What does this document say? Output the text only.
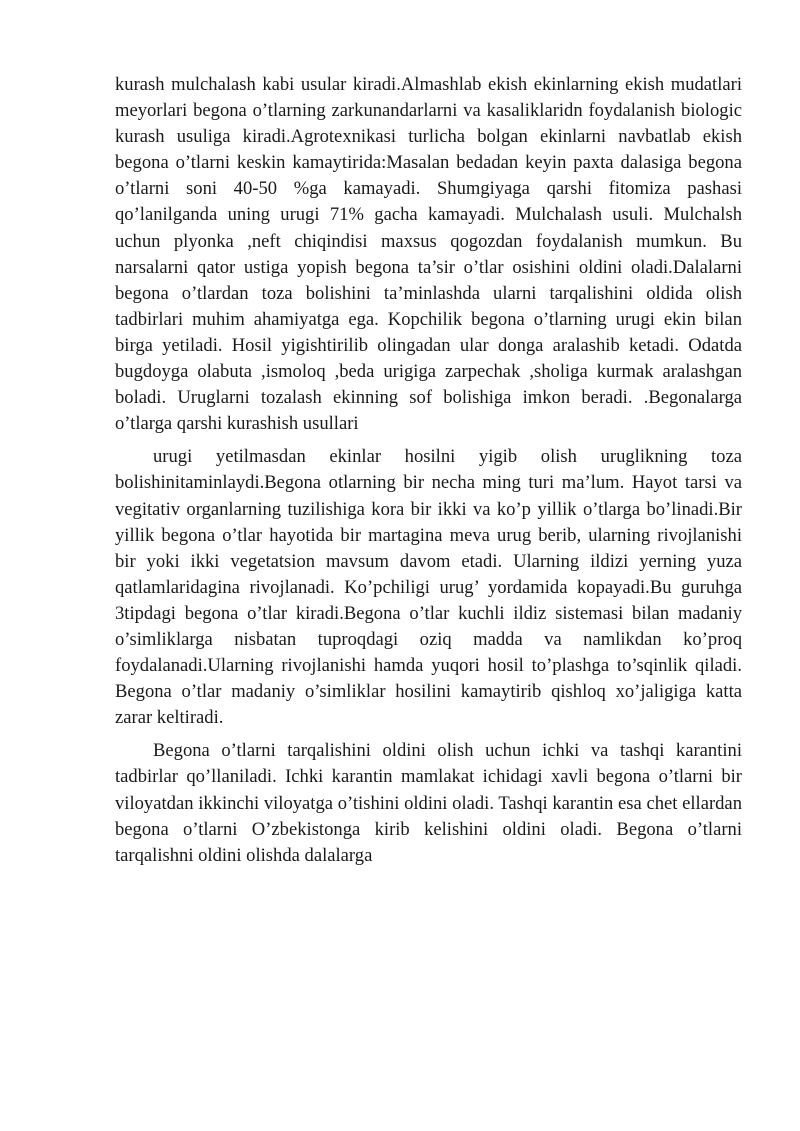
kurash mulchalash kabi usular kiradi.Almashlab ekish ekinlarning ekish mudatlari meyorlari begona o’tlarning zarkunandarlarni va kasaliklaridn foydalanish biologic kurash usuliga kiradi.Agrotexnikasi turlicha bolgan ekinlarni navbatlab ekish begona o’tlarni keskin kamaytirida:Masalan bedadan keyin paxta dalasiga begona o’tlarni soni 40-50 %ga kamayadi. Shumgiyaga qarshi fitomiza pashasi qo’lanilganda uning urugi 71% gacha kamayadi. Mulchalash usuli. Mulchalsh uchun plyonka ,neft chiqindisi maxsus qogozdan foydalanish mumkun. Bu narsalarni qator ustiga yopish begona ta’sir o’tlar osishini oldini oladi.Dalalarni begona o’tlardan toza bolishini ta’minlashda ularni tarqalishini oldida olish tadbirlari muhim ahamiyatga ega. Kopchilik begona o’tlarning urugi ekin bilan birga yetiladi. Hosil yigishtirilib olingadan ular donga aralashib ketadi. Odatda bugdoyga olabuta ,ismoloq ,beda urigiga zarpechak ,sholiga kurmak aralashgan boladi. Uruglarni tozalash ekinning sof bolishiga imkon beradi. .Begonalarga o’tlarga qarshi kurashish usullari

urugi yetilmasdan ekinlar hosilni yigib olish uruglikning toza bolishinitaminlaydi.Begona otlarning bir necha ming turi ma’lum. Hayot tarsi va vegitativ organlarning tuzilishiga kora bir ikki va ko’p yillik o’tlarga bo’linadi.Bir yillik begona o’tlar hayotida bir martagina meva urug berib, ularning rivojlanishi bir yoki ikki vegetatsion mavsum davom etadi. Ularning ildizi yerning yuza qatlamlaridagina rivojlanadi. Ko’pchiligi urug’ yordamida kopayadi.Bu guruhga 3tipdagi begona o’tlar kiradi.Begona o’tlar kuchli ildiz sistemasi bilan madaniy o’simliklarga nisbatan tuproqdagi oziq madda va namlikdan ko’proq foydalanadi.Ularning rivojlanishi hamda yuqori hosil to’plashga to’sqinlik qiladi. Begona o’tlar madaniy o’simliklar hosilini kamaytirib qishloq xo’jaligiga katta zarar keltiradi.

Begona o’tlarni tarqalishini oldini olish uchun ichki va tashqi karantini tadbirlar qo’llaniladi. Ichki karantin mamlakat ichidagi xavli begona o’tlarni bir viloyatdan ikkinchi viloyatga o’tishini oldini oladi. Tashqi karantin esa chet ellardan begona o’tlarni O’zbekistonga kirib kelishini oldini oladi. Begona o’tlarni tarqalishni oldini olishda dalalarga
